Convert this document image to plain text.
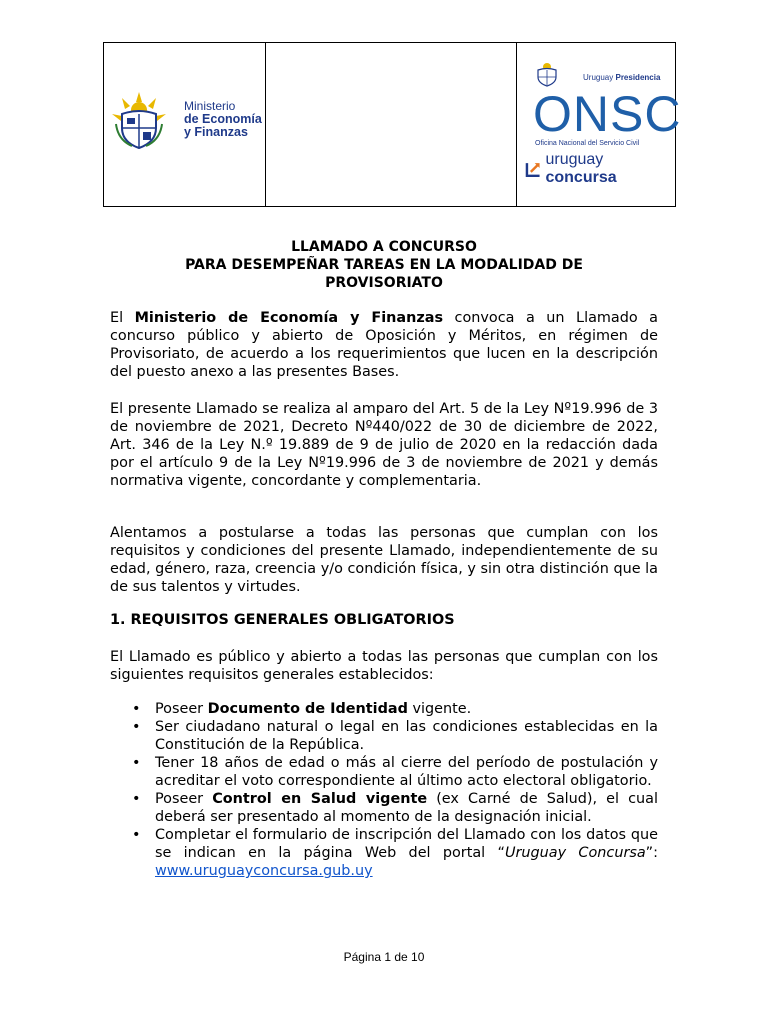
Ministerio
de Economía
y Finanzas
Uruguay Presidencia
ONSC
Oficina Nacional del Servicio Civil
uruguay concursa
LLAMADO A CONCURSO
PARA DESEMPEÑAR TAREAS EN LA MODALIDAD DE
PROVISORIATO
El Ministerio de Economía y Finanzas convoca a un Llamado a concurso público y abierto de Oposición y Méritos, en régimen de Provisoriato, de acuerdo a los requerimientos que lucen en la descripción del puesto anexo a las presentes Bases.
El presente Llamado se realiza al amparo del Art. 5 de la Ley Nº19.996 de 3 de noviembre de 2021, Decreto Nº440/022 de 30 de diciembre de 2022, Art. 346 de la Ley N.º 19.889 de 9 de julio de 2020 en la redacción dada por el artículo 9 de la Ley Nº19.996 de 3 de noviembre de 2021 y demás normativa vigente, concordante y complementaria.
Alentamos a postularse a todas las personas que cumplan con los requisitos y condiciones del presente Llamado, independientemente de su edad, género, raza, creencia y/o condición física, y sin otra distinción que la de sus talentos y virtudes.
1. REQUISITOS GENERALES OBLIGATORIOS
El Llamado es público y abierto a todas las personas que cumplan con los siguientes requisitos generales establecidos:
• Poseer Documento de Identidad vigente.
• Ser ciudadano natural o legal en las condiciones establecidas en la Constitución de la República.
• Tener 18 años de edad o más al cierre del período de postulación y acreditar el voto correspondiente al último acto electoral obligatorio.
• Poseer Control en Salud vigente (ex Carné de Salud), el cual deberá ser presentado al momento de la designación inicial.
• Completar el formulario de inscripción del Llamado con los datos que se indican en la página Web del portal “Uruguay Concursa”: www.uruguayconcursa.gub.uy
Página 1 de 10
